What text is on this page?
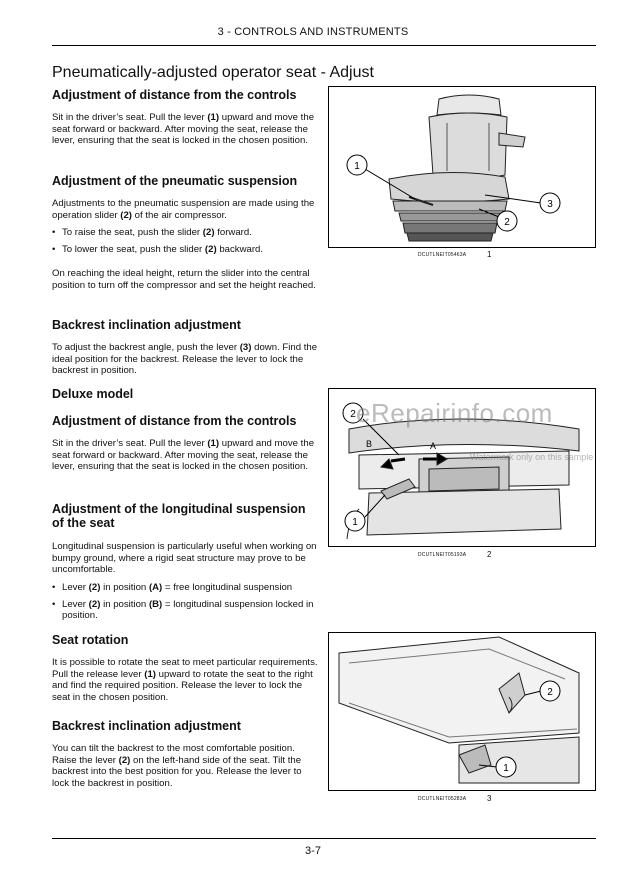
3 - CONTROLS AND INSTRUMENTS
Pneumatically-adjusted operator seat - Adjust
Adjustment of distance from the controls
Sit in the driver’s seat. Pull the lever (1) upward and move the seat forward or backward. After moving the seat, release the lever, ensuring that the seat is locked in the chosen position.
Adjustment of the pneumatic suspension
Adjustments to the pneumatic suspension are made using the operation slider (2) of the air compressor.
• To raise the seat, push the slider (2) forward.
• To lower the seat, push the slider (2) backward.
On reaching the ideal height, return the slider into the central position to turn off the compressor and set the height reached.
Backrest inclination adjustment
To adjust the backrest angle, push the lever (3) down. Find the ideal position for the backrest. Release the lever to lock the backrest in position.
Deluxe model
Adjustment of distance from the controls
Sit in the driver’s seat. Pull the lever (1) upward and move the seat forward or backward. After moving the seat, release the lever, ensuring that the seat is locked in the chosen position.
Adjustment of the longitudinal suspension
of the seat
Longitudinal suspension is particularly useful when working on bumpy ground, where a rigid seat structure may prove to be uncomfortable.
• Lever (2) in position (A) = free longitudinal suspension
• Lever (2) in position (B) = longitudinal suspension locked in position.
Seat rotation
It is possible to rotate the seat to meet particular requirements. Pull the release lever (1) upward to rotate the seat to the right and find the required position. Release the lever to lock the seat in the chosen position.
Backrest inclination adjustment
You can tilt the backrest to the most comfortable position. Raise the lever (2) on the left-hand side of the seat. Tilt the backrest into the best position for you. Release the lever to lock the backrest in position.
1
2
3
DCUTLNEIT05463A	1
2
1
B	A
eRepairinfo.com
Watermark only on this sample
DCUTLNEIT05193A	2
2
1
DCUTLNEIT05283A	3
3-7
